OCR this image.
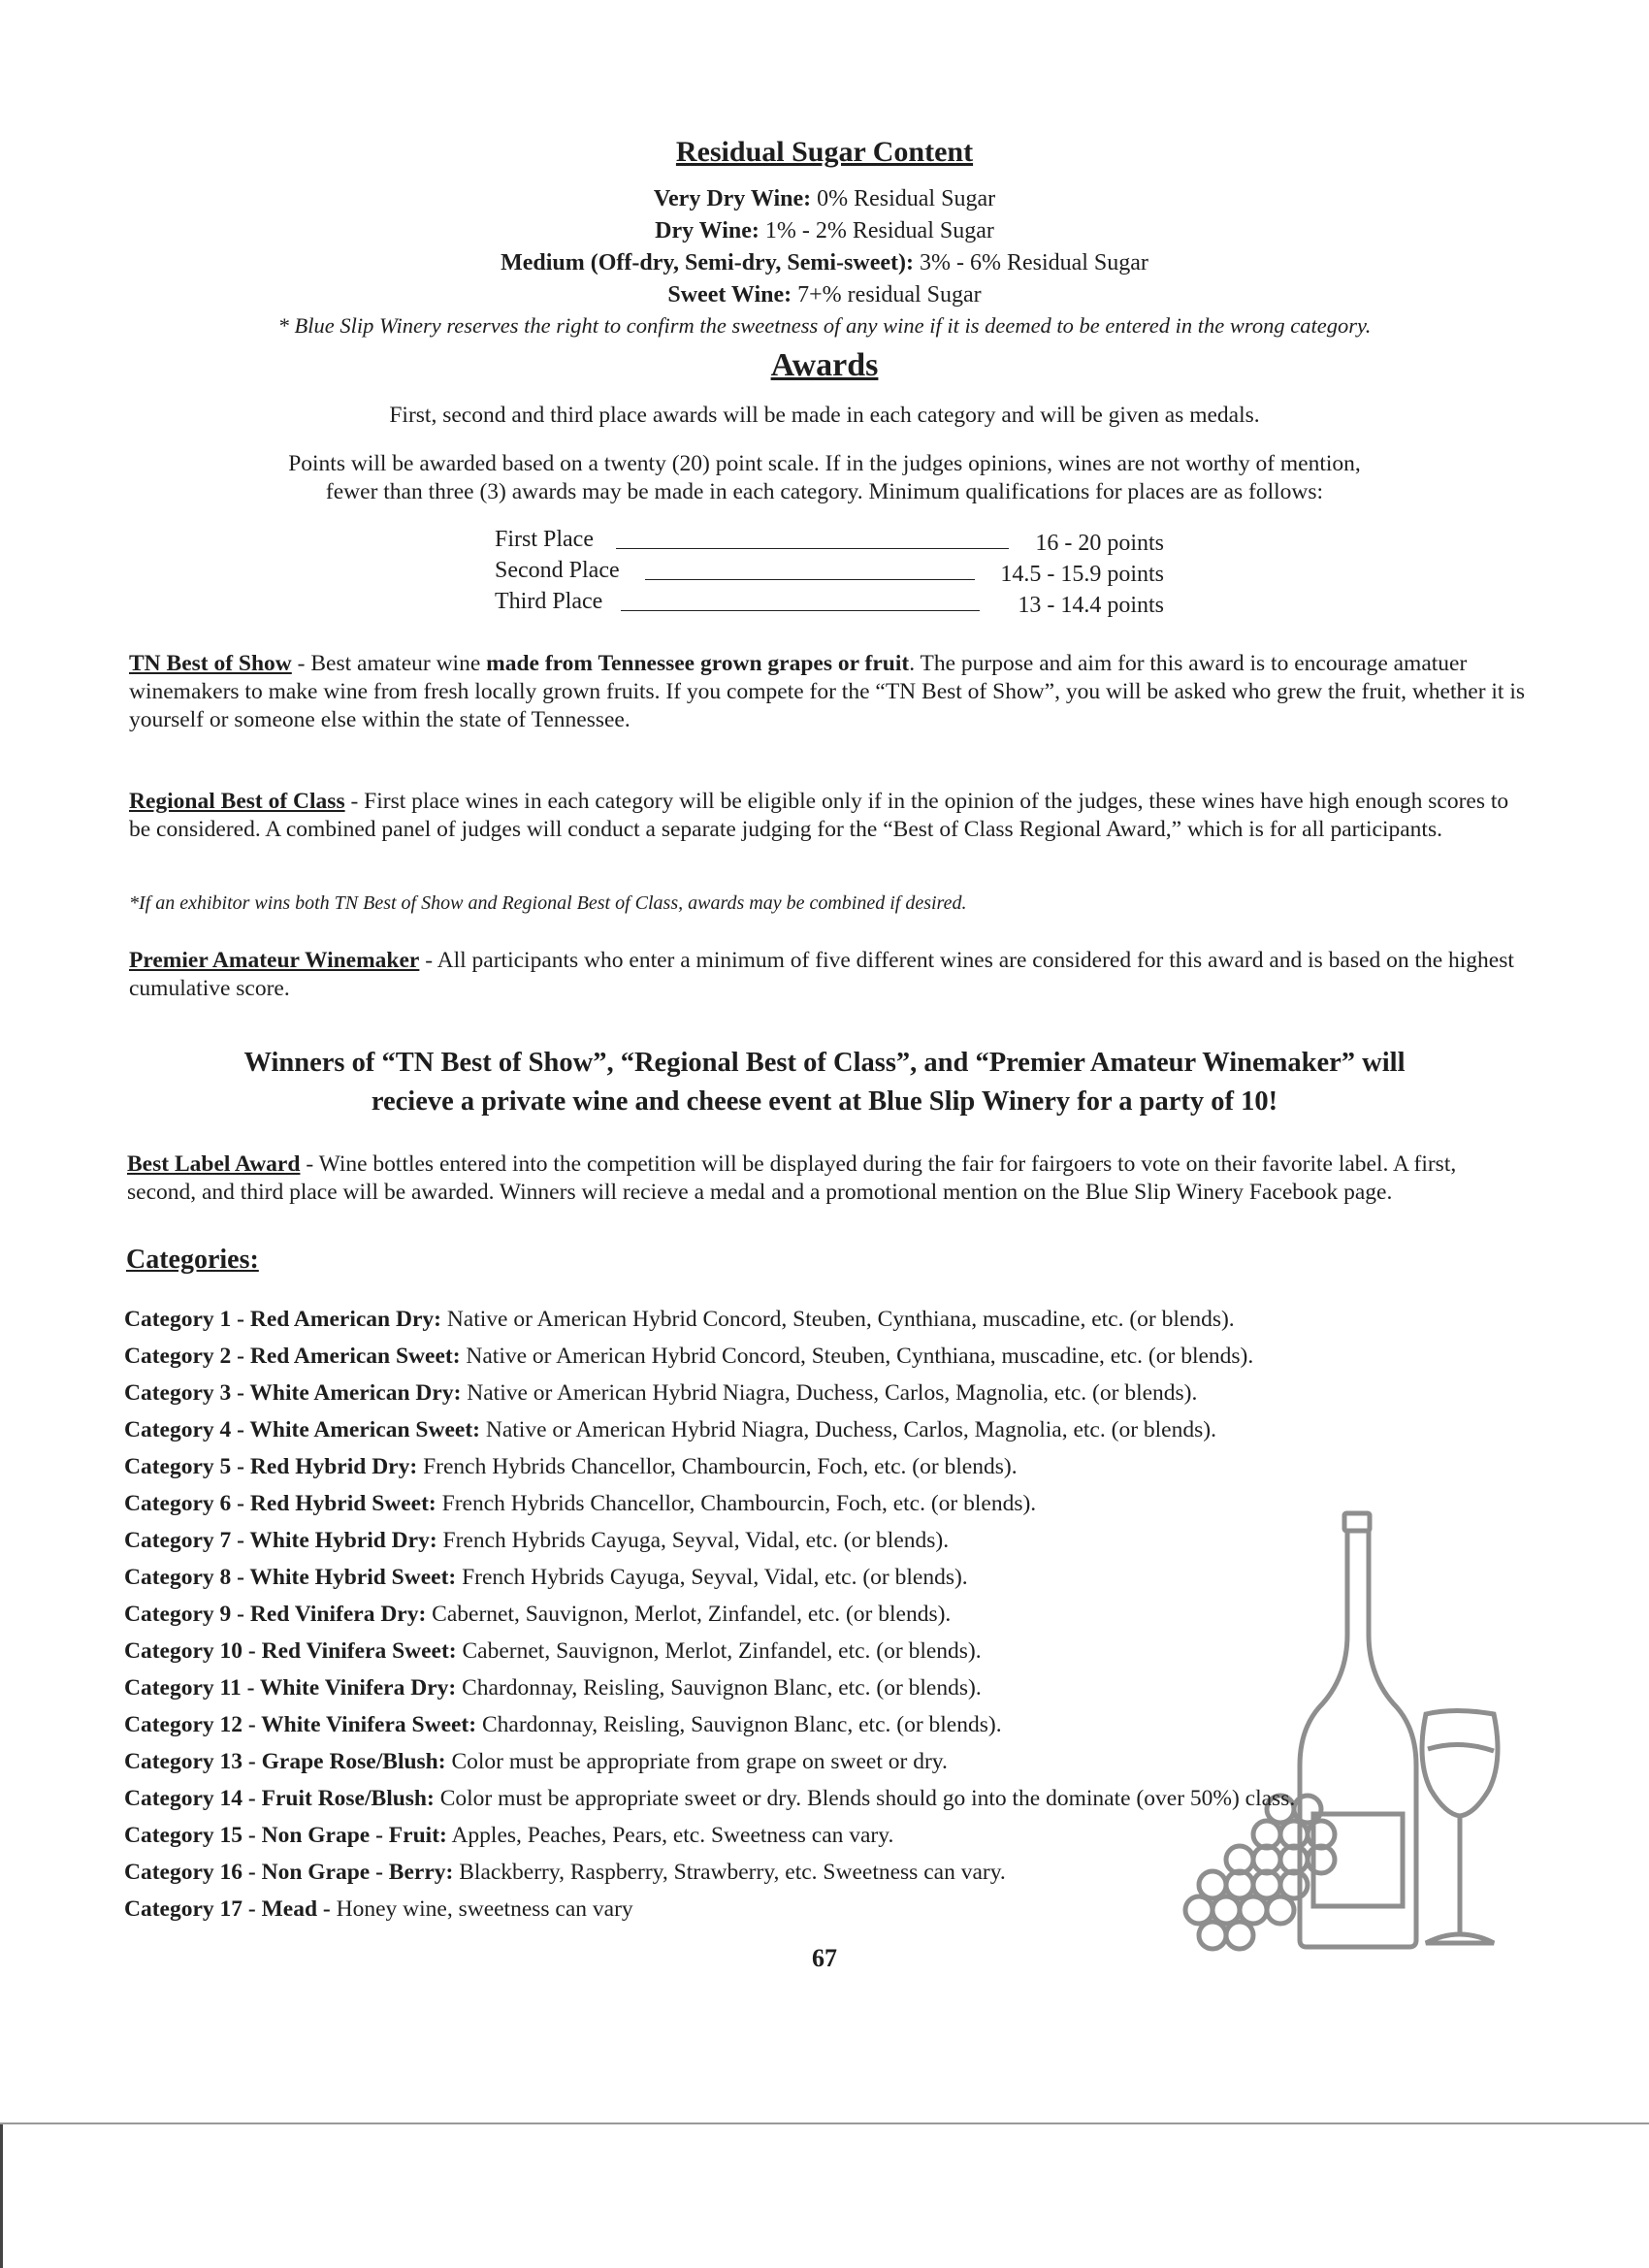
Residual Sugar Content
Very Dry Wine: 0% Residual Sugar
Dry Wine: 1% - 2% Residual Sugar
Medium (Off-dry, Semi-dry, Semi-sweet): 3% - 6% Residual Sugar
Sweet Wine: 7+% residual Sugar
* Blue Slip Winery reserves the right to confirm the sweetness of any wine if it is deemed to be entered in the wrong category.
Awards
First, second and third place awards will be made in each category and will be given as medals.
Points will be awarded based on a twenty (20) point scale. If in the judges opinions, wines are not worthy of mention,
fewer than three (3) awards may be made in each category. Minimum qualifications for places are as follows:
First Place	16 - 20 points
Second Place	14.5 - 15.9 points
Third Place	13 - 14.4 points
TN Best of Show - Best amateur wine made from Tennessee grown grapes or fruit. The purpose and aim for this award is to encourage amatuer winemakers to make wine from fresh locally grown fruits. If you compete for the “TN Best of Show”, you will be asked who grew the fruit, whether it is yourself or someone else within the state of Tennessee.
Regional Best of Class - First place wines in each category will be eligible only if in the opinion of the judges, these wines have high enough scores to be considered. A combined panel of judges will conduct a separate judging for the “Best of Class Regional Award,” which is for all participants.
*If an exhibitor wins both TN Best of Show and Regional Best of Class, awards may be combined if desired.
Premier Amateur Winemaker - All participants who enter a minimum of five different wines are considered for this award and is based on the highest cumulative score.
Winners of “TN Best of Show”, “Regional Best of Class”, and “Premier Amateur Winemaker” will
recieve a private wine and cheese event at Blue Slip Winery for a party of 10!
Best Label Award - Wine bottles entered into the competition will be displayed during the fair for fairgoers to vote on their favorite label. A first, second, and third place will be awarded. Winners will recieve a medal and a promotional mention on the Blue Slip Winery Facebook page.
Categories:
Category 1 - Red American Dry: Native or American Hybrid Concord, Steuben, Cynthiana, muscadine, etc. (or blends).
Category 2 - Red American Sweet: Native or American Hybrid Concord, Steuben, Cynthiana, muscadine, etc. (or blends).
Category 3 - White American Dry: Native or American Hybrid Niagra, Duchess, Carlos, Magnolia, etc. (or blends).
Category 4 - White American Sweet: Native or American Hybrid Niagra, Duchess, Carlos, Magnolia, etc. (or blends).
Category 5 - Red Hybrid Dry: French Hybrids Chancellor, Chambourcin, Foch, etc. (or blends).
Category 6 - Red Hybrid Sweet: French Hybrids Chancellor, Chambourcin, Foch, etc. (or blends).
Category 7 - White Hybrid Dry: French Hybrids Cayuga, Seyval, Vidal, etc. (or blends).
Category 8 - White Hybrid Sweet: French Hybrids Cayuga, Seyval, Vidal, etc. (or blends).
Category 9 - Red Vinifera Dry: Cabernet, Sauvignon, Merlot, Zinfandel, etc. (or blends).
Category 10 - Red Vinifera Sweet: Cabernet, Sauvignon, Merlot, Zinfandel, etc. (or blends).
Category 11 - White Vinifera Dry: Chardonnay, Reisling, Sauvignon Blanc, etc. (or blends).
Category 12 - White Vinifera Sweet: Chardonnay, Reisling, Sauvignon Blanc, etc. (or blends).
Category 13 - Grape Rose/Blush: Color must be appropriate from grape on sweet or dry.
Category 14 - Fruit Rose/Blush: Color must be appropriate sweet or dry. Blends should go into the dominate (over 50%) class.
Category 15 - Non Grape - Fruit: Apples, Peaches, Pears, etc. Sweetness can vary.
Category 16 - Non Grape - Berry: Blackberry, Raspberry, Strawberry, etc. Sweetness can vary.
Category 17 - Mead - Honey wine, sweetness can vary
67
